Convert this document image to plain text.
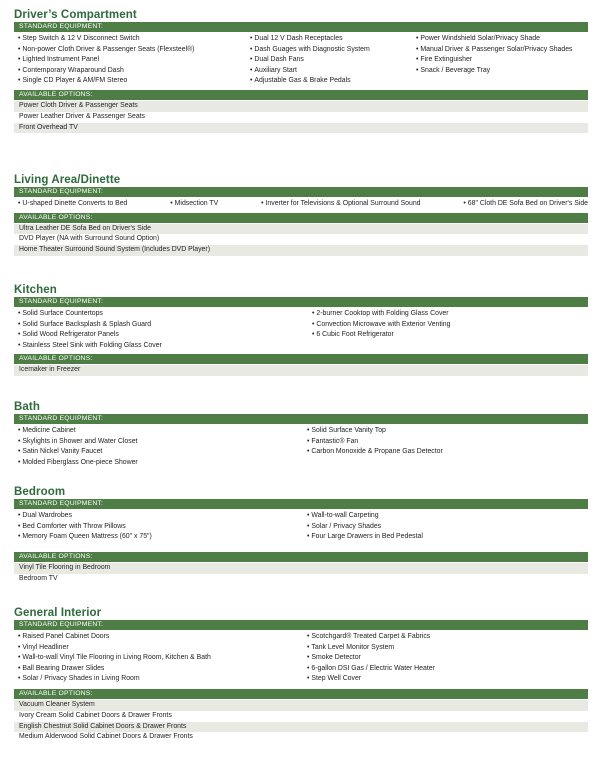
Driver’s Compartment
STANDARD EQUIPMENT:
• Step Switch & 12 V Disconnect Switch
• Non-power Cloth Driver & Passenger Seats (Flexsteel®)
• Lighted Instrument Panel
• Contemporary Wraparound Dash
• Single CD Player & AM/FM Stereo
• Dual 12 V Dash Receptacles
• Dash Guages with Diagnostic System
• Dual Dash Fans
• Auxiliary Start
• Adjustable Gas & Brake Pedals
• Power Windshield Solar/Privacy Shade
• Manual Driver & Passenger Solar/Privacy Shades
• Fire Extinguisher
• Snack / Beverage Tray
AVAILABLE OPTIONS:
Power Cloth Driver & Passenger Seats
Power Leather Driver & Passenger Seats
Front Overhead TV
Living Area/Dinette
STANDARD EQUIPMENT:
• U-shaped Dinette Converts to Bed	• Midsection TV	• Inverter for Televisions & Optional Surround Sound	• 68" Cloth DE Sofa Bed on Driver's Side
AVAILABLE OPTIONS:
Ultra Leather DE Sofa Bed on Driver's Side
DVD Player (NA with Surround Sound Option)
Home Theater Surround Sound System (Includes DVD Player)
Kitchen
STANDARD EQUIPMENT:
• Solid Surface Countertops
• Solid Surface Backsplash & Splash Guard
• Solid Wood Refrigerator Panels
• Stainless Steel Sink with Folding Glass Cover
• 2-burner Cooktop with Folding Glass Cover
• Convection Microwave with Exterior Venting
• 6 Cubic Foot Refrigerator
AVAILABLE OPTIONS:
Icemaker in Freezer
Bath
STANDARD EQUIPMENT:
• Medicine Cabinet
• Skylights in Shower and Water Closet
• Satin Nickel Vanity Faucet
• Molded Fiberglass One-piece Shower
• Solid Surface Vanity Top
• Fantastic® Fan
• Carbon Monoxide & Propane Gas Detector
Bedroom
STANDARD EQUIPMENT:
• Dual Wardrobes
• Bed Comforter with Throw Pillows
• Memory Foam Queen Mattress (60" x 75")
• Wall-to-wall Carpeting
• Solar / Privacy Shades
• Four Large Drawers in Bed Pedestal
AVAILABLE OPTIONS:
Vinyl Tile Flooring in Bedroom
Bedroom TV
General Interior
STANDARD EQUIPMENT:
• Raised Panel Cabinet Doors
• Vinyl Headliner
• Wall-to-wall Vinyl Tile Flooring in Living Room, Kitchen & Bath
• Ball Bearing Drawer Slides
• Solar / Privacy Shades in Living Room
• Scotchgard® Treated Carpet & Fabrics
• Tank Level Monitor System
• Smoke Detector
• 6-gallon DSI Gas / Electric Water Heater
• Step Well Cover
AVAILABLE OPTIONS:
Vacuum Cleaner System
Ivory Cream Solid Cabinet Doors & Drawer Fronts
English Chestnut Solid Cabinet Doors & Drawer Fronts
Medium Alderwood Solid Cabinet Doors & Drawer Fronts
